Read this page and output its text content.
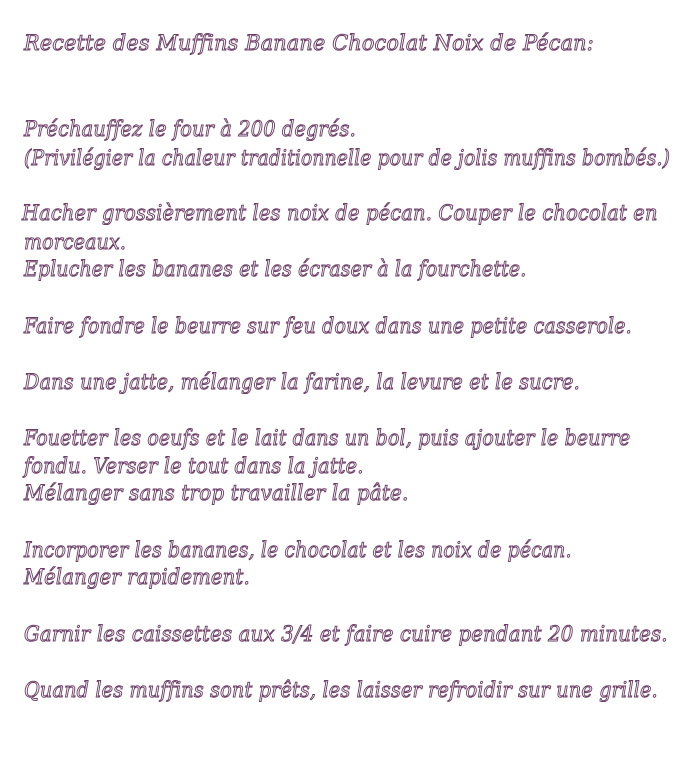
Recette des Muffins Banane Chocolat Noix de Pécan:
Préchauffez le four à 200 degrés.
(Privilégier la chaleur traditionnelle pour de jolis muffins bombés.)
Hacher grossièrement les noix de pécan. Couper le chocolat en
morceaux.
Eplucher les bananes et les écraser à la fourchette.
Faire fondre le beurre sur feu doux dans une petite casserole.
Dans une jatte, mélanger la farine, la levure et le sucre.
Fouetter les oeufs et le lait dans un bol, puis ajouter le beurre
fondu. Verser le tout dans la jatte.
Mélanger sans trop travailler la pâte.
Incorporer les bananes, le chocolat et les noix de pécan.
Mélanger rapidement.
Garnir les caissettes aux 3/4 et faire cuire pendant 20 minutes.
Quand les muffins sont prêts, les laisser refroidir sur une grille.
